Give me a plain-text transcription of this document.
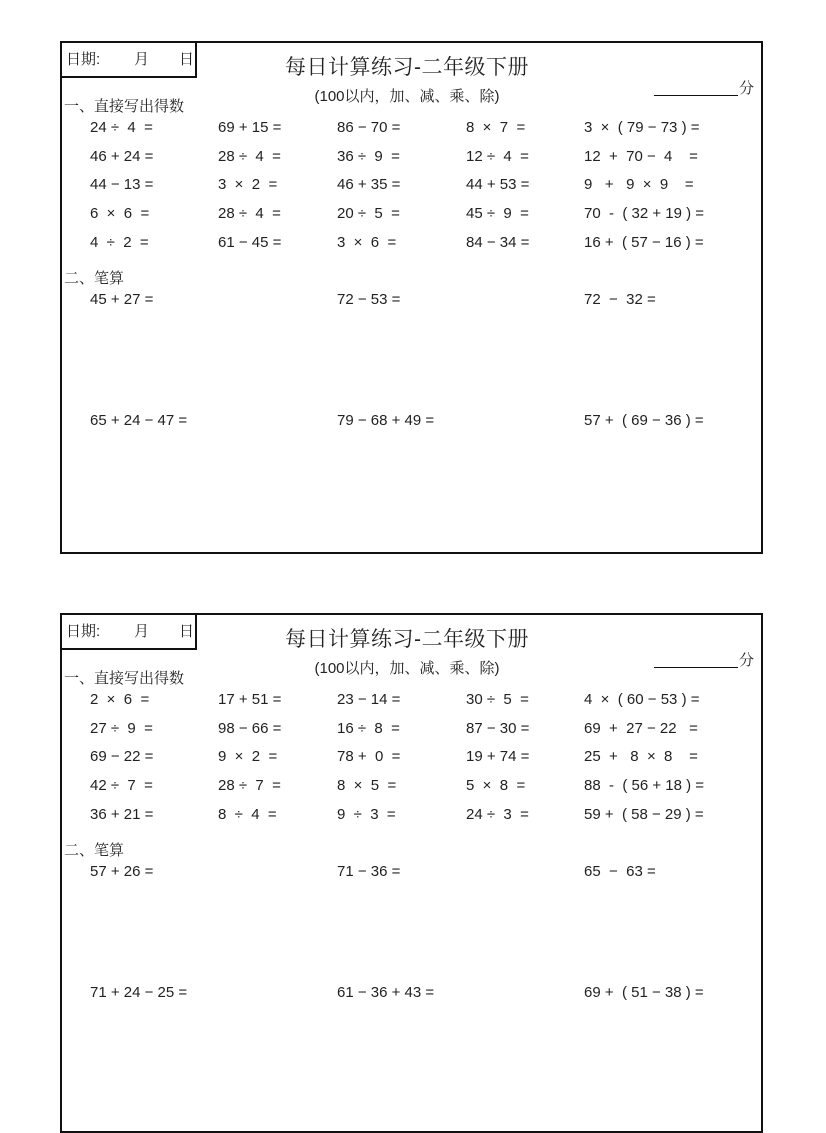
日期: 月 日	每日计算练习-二年级下册
(100以内，加、减、乘、除)	分
一、直接写出得数
二、笔算
24 ÷  4  =	69 + 15 =	86 − 70 =	8  ×  7  =	3  ×  ( 79 − 73 ) =
46 + 24 =	28 ÷  4  =	36 ÷  9  =	12 ÷  4  =	12  +  70 −  4    =
44 − 13 =	3  ×  2  =	46 + 35 =	44 + 53 =	9   +   9  ×  9    =
6  ×  6  =	28 ÷  4  =	20 ÷  5  =	45 ÷  9  =	70  -  ( 32 + 19 ) =
4  ÷  2  =	61 − 45 =	3  ×  6  =	84 − 34 =	16 +  ( 57 − 16 ) =
45 + 27 =	72 − 53 =	72  −  32 =
65 + 24 − 47 =	79 − 68 + 49 =	57 +  ( 69 − 36 ) =
日期: 月 日	每日计算练习-二年级下册
(100以内，加、减、乘、除)	分
一、直接写出得数
二、笔算
2  ×  6  =	17 + 51 =	23 − 14 =	30 ÷  5  =	4  ×  ( 60 − 53 ) =
27 ÷  9  =	98 − 66 =	16 ÷  8  =	87 − 30 =	69  +  27 − 22   =
69 − 22 =	9  ×  2  =	78 +  0  =	19 + 74 =	25  +   8  ×  8    =
42 ÷  7  =	28 ÷  7  =	8  ×  5  =	5  ×  8  =	88  -  ( 56 + 18 ) =
36 + 21 =	8  ÷  4  =	9  ÷  3  =	24 ÷  3  =	59 +  ( 58 − 29 ) =
57 + 26 =	71 − 36 =	65  −  63 =
71 + 24 − 25 =	61 − 36 + 43 =	69 +  ( 51 − 38 ) =
